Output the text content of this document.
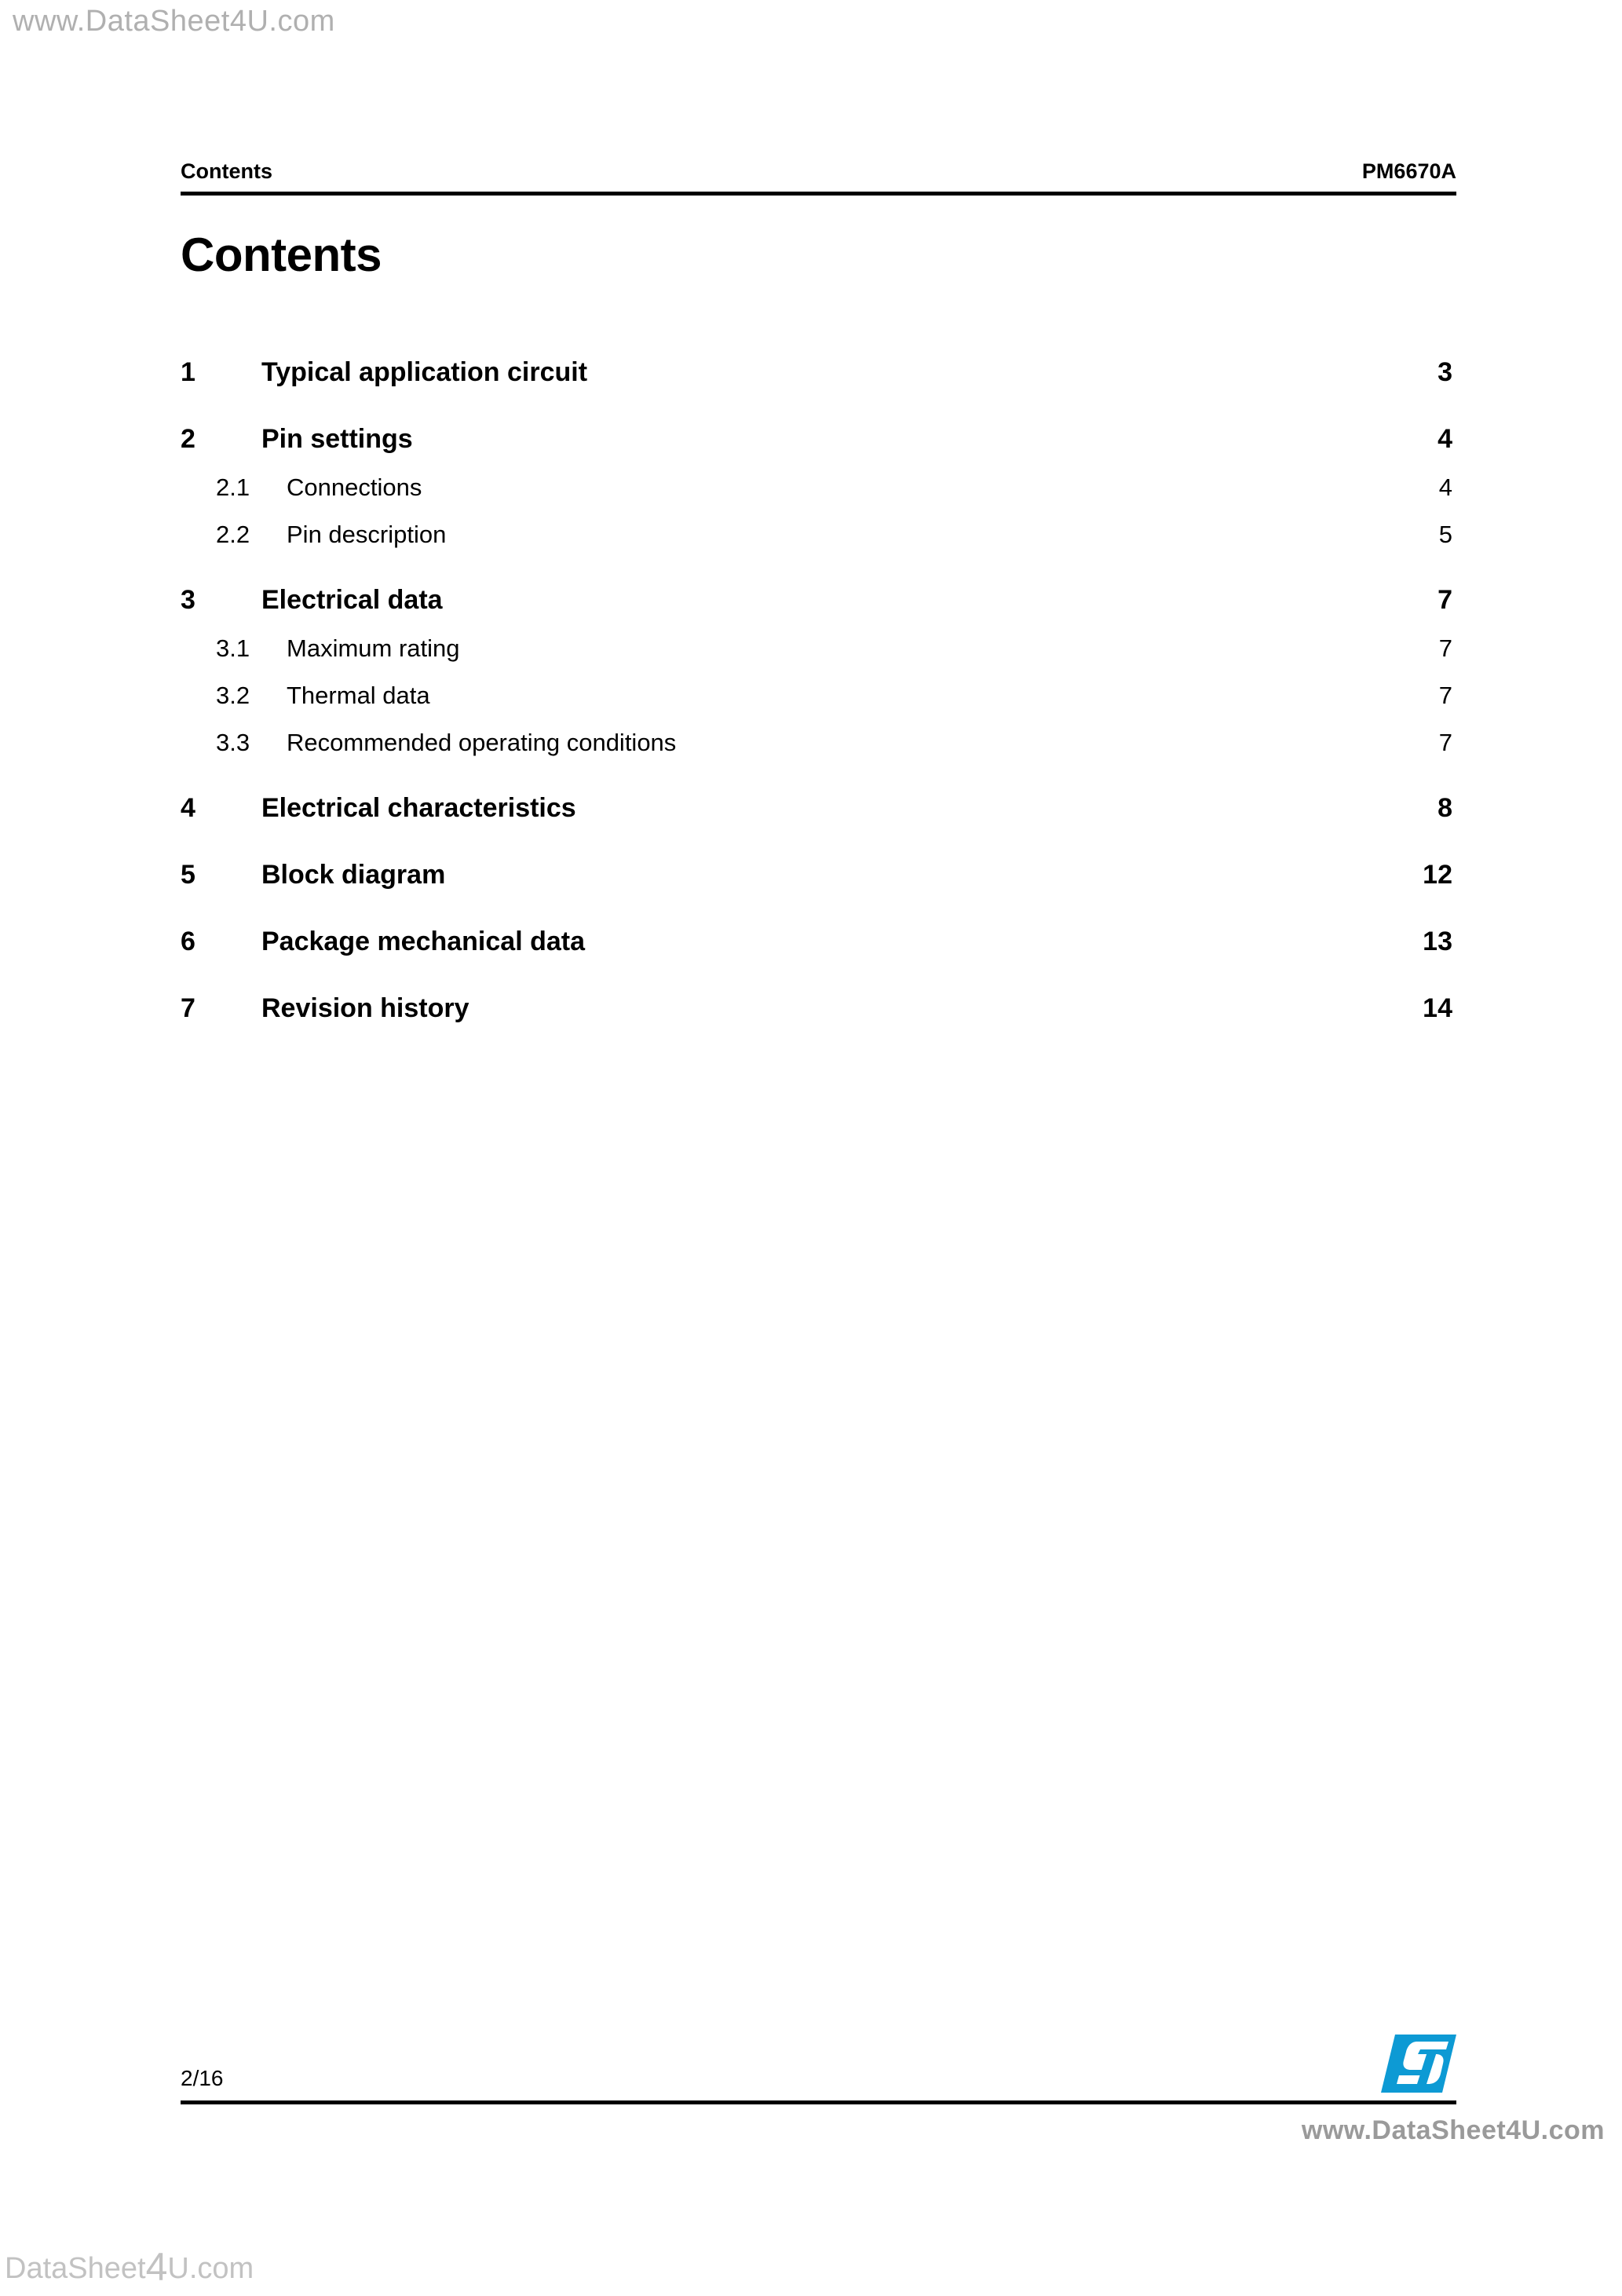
www.DataSheet4U.com
Contents	PM6670A
Contents
1	Typical application circuit	3
2	Pin settings	4
2.1	Connections	4
2.2	Pin description	5
3	Electrical data	7
3.1	Maximum rating	7
3.2	Thermal data	7
3.3	Recommended operating conditions	7
4	Electrical characteristics	8
5	Block diagram	12
6	Package mechanical data	13
7	Revision history	14
2/16
www.DataSheet4U.com
DataSheet4U.com
